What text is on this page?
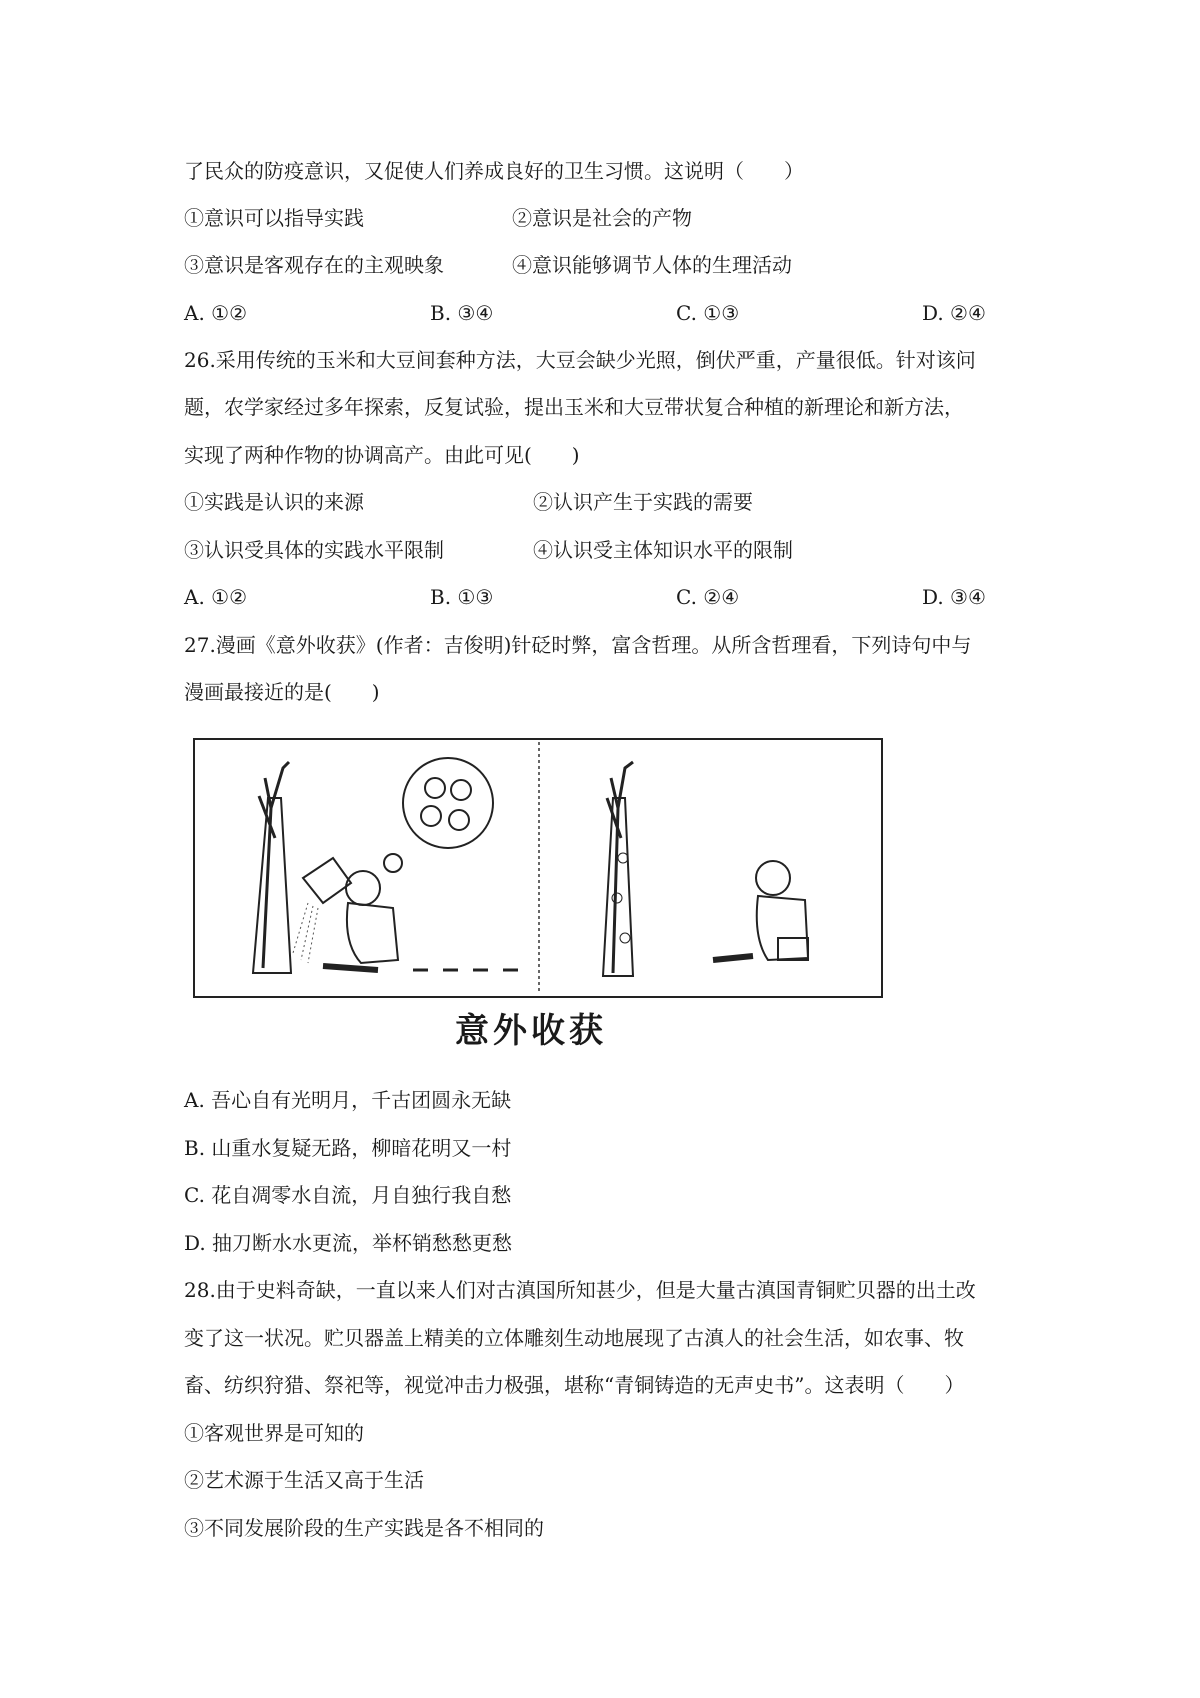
了民众的防疫意识，又促使人们养成良好的卫生习惯。这说明（　　）
①意识可以指导实践	②意识是社会的产物
③意识是客观存在的主观映象	④意识能够调节人体的生理活动
A. ①②	B. ③④	C. ①③	D. ②④
26.采用传统的玉米和大豆间套种方法，大豆会缺少光照，倒伏严重，产量很低。针对该问
题，农学家经过多年探索，反复试验，提出玉米和大豆带状复合种植的新理论和新方法，
实现了两种作物的协调高产。由此可见(　　)
①实践是认识的来源	②认识产生于实践的需要
③认识受具体的实践水平限制	④认识受主体知识水平的限制
A. ①②	B. ①③	C. ②④	D. ③④
27.漫画《意外收获》(作者：吉俊明)针砭时弊，富含哲理。从所含哲理看，下列诗句中与
漫画最接近的是(　　)
意外收获
A. 吾心自有光明月，千古团圆永无缺
B. 山重水复疑无路，柳暗花明又一村
C. 花自凋零水自流，月自独行我自愁
D. 抽刀断水水更流，举杯销愁愁更愁
28.由于史料奇缺，一直以来人们对古滇国所知甚少，但是大量古滇国青铜贮贝器的出土改
变了这一状况。贮贝器盖上精美的立体雕刻生动地展现了古滇人的社会生活，如农事、牧
畜、纺织狩猎、祭祀等，视觉冲击力极强，堪称“青铜铸造的无声史书”。这表明（　　）
①客观世界是可知的
②艺术源于生活又高于生活
③不同发展阶段的生产实践是各不相同的
